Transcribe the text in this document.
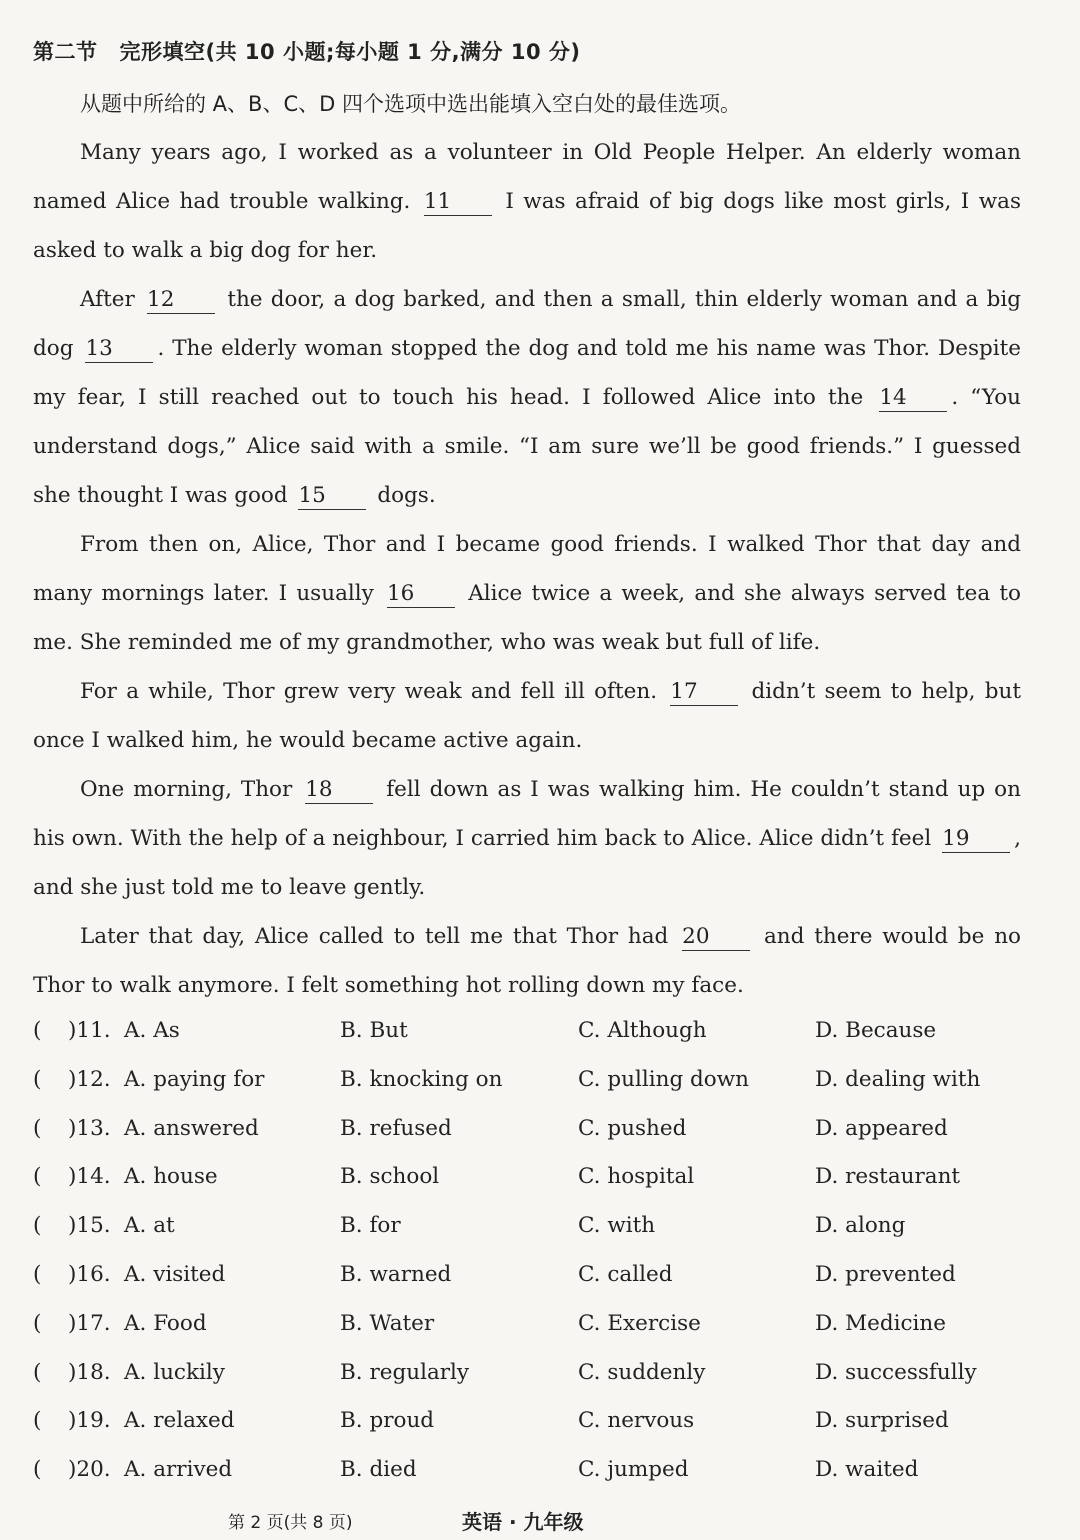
第二节 完形填空(共 10 小题;每小题 1 分,满分 10 分)
从题中所给的 A、B、C、D 四个选项中选出能填入空白处的最佳选项。

Many years ago, I worked as a volunteer in Old People Helper. An elderly woman named Alice had trouble walking. 11	I was afraid of big dogs like most girls, I was asked to walk a big dog for her.

After 12 the door, a dog barked, and then a small, thin elderly woman and a big dog 13 . The elderly woman stopped the dog and told me his name was Thor. Despite my fear, I still reached out to touch his head. I followed Alice into the 14 . “You understand dogs,” Alice said with a smile. “I am sure we’ll be good friends.” I guessed she thought I was good 15 dogs.

From then on, Alice, Thor and I became good friends. I walked Thor that day and many mornings later. I usually 16	Alice twice a week, and she always served tea to me. She reminded me of my grandmother, who was weak but full of life.

For a while, Thor grew very weak and fell ill often. 17	didn’t seem to help, but once I walked him, he would became active again.

One morning, Thor 18 fell down as I was walking him. He couldn’t stand up on his own. With the help of a neighbour, I carried him back to Alice. Alice didn’t feel 19 , and she just told me to leave gently.

Later that day, Alice called to tell me that Thor had 20	and there would be no Thor to walk anymore. I felt something hot rolling down my face.

( )11. A. As	B. But	C. Although	D. Because
( )12. A. paying for	B. knocking on	C. pulling down	D. dealing with
( )13. A. answered	B. refused	C. pushed	D. appeared
( )14. A. house	B. school	C. hospital	D. restaurant
( )15. A. at	B. for	C. with	D. along
( )16. A. visited	B. warned	C. called	D. prevented
( )17. A. Food	B. Water	C. Exercise	D. Medicine
( )18. A. luckily	B. regularly	C. suddenly	D. successfully
( )19. A. relaxed	B. proud	C. nervous	D. surprised
( )20. A. arrived	B. died	C. jumped	D. waited
第 2 页(共 8 页)	英语 · 九年级
